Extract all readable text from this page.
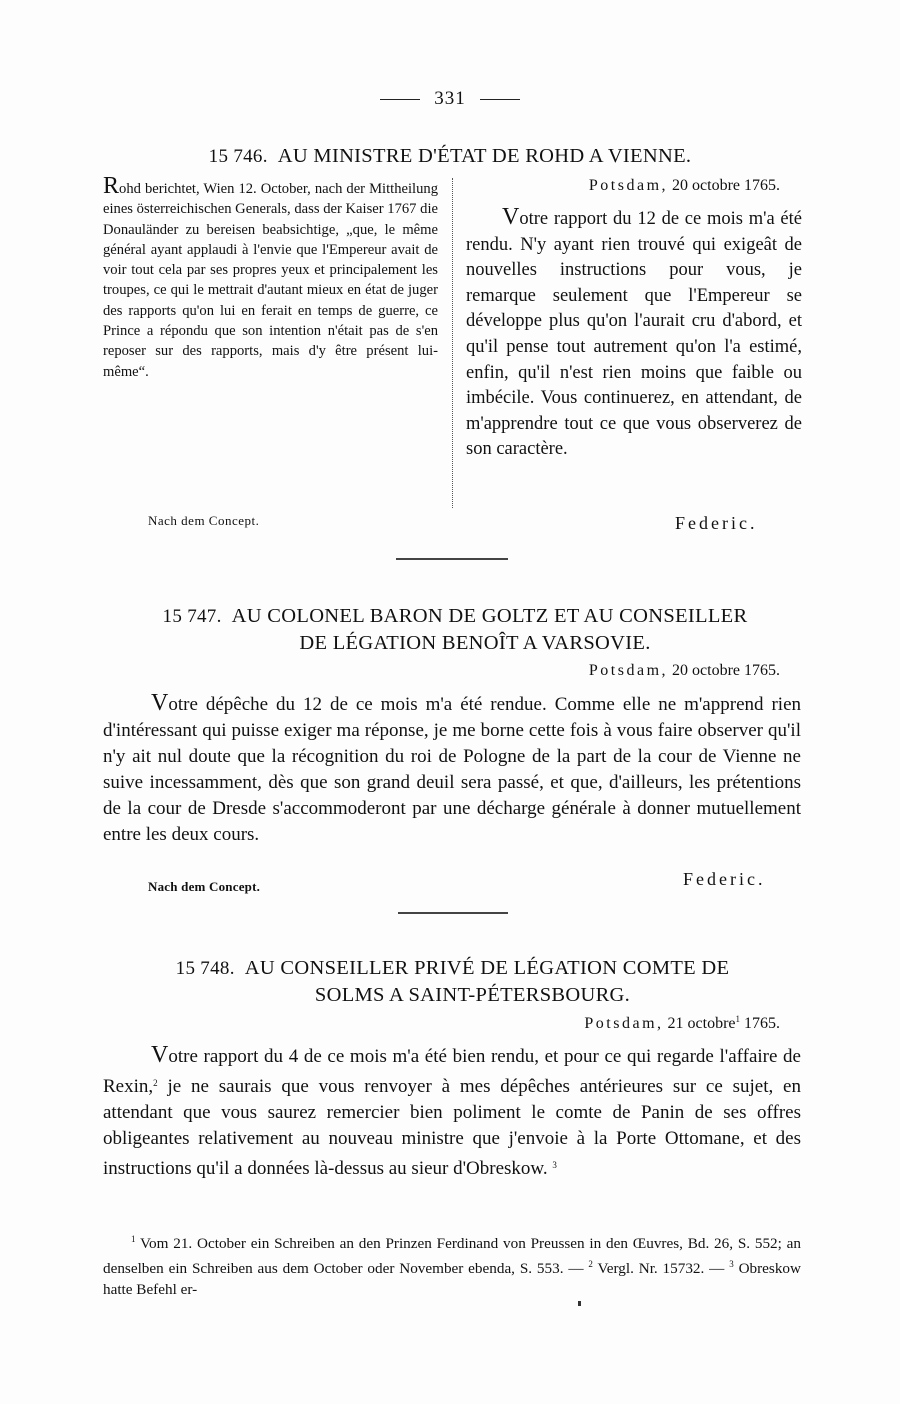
331
15 746. AU MINISTRE D'ÉTAT DE ROHD A VIENNE.

Rohd berichtet, Wien 12. October, nach der Mittheilung eines österreichischen Generals, dass der Kaiser 1767 die Donauländer zu bereisen beabsichtige, „que, le même général ayant applaudi à l'envie que l'Empereur avait de voir tout cela par ses propres yeux et principalement les troupes, ce qui le mettrait d'autant mieux en état de juger des rapports qu'on lui en ferait en temps de guerre, ce Prince a répondu que son intention n'était pas de s'en reposer sur des rapports, mais d'y être présent lui-même“.

Nach dem Concept.
Potsdam, 20 octobre 1765.

Votre rapport du 12 de ce mois m'a été rendu. N'y ayant rien trouvé qui exigeât de nouvelles instructions pour vous, je remarque seulement que l'Empereur se développe plus qu'on l'aurait cru d'abord, et qu'il pense tout autrement qu'on l'a estimé, enfin, qu'il n'est rien moins que faible ou imbécile. Vous continuerez, en attendant, de m'apprendre tout ce que vous observerez de son caractère.

Federic.
15 747. AU COLONEL BARON DE GOLTZ ET AU CONSEILLER
DE LÉGATION BENOÎT A VARSOVIE.
Potsdam, 20 octobre 1765.

Votre dépêche du 12 de ce mois m'a été rendue. Comme elle ne m'apprend rien d'intéressant qui puisse exiger ma réponse, je me borne cette fois à vous faire observer qu'il n'y ait nul doute que la récognition du roi de Pologne de la part de la cour de Vienne ne suive incessamment, dès que son grand deuil sera passé, et que, d'ailleurs, les prétentions de la cour de Dresde s'accommoderont par une décharge générale à donner mutuellement entre les deux cours.

Nach dem Concept.	Federic.
15 748. AU CONSEILLER PRIVÉ DE LÉGATION COMTE DE
SOLMS A SAINT-PÉTERSBOURG.
Potsdam, 21 octobre$^1$ 1765.

Votre rapport du 4 de ce mois m'a été bien rendu, et pour ce qui regarde l'affaire de Rexin,$^2$ je ne saurais que vous renvoyer à mes dépêches antérieures sur ce sujet, en attendant que vous saurez remercier bien poliment le comte de Panin de ses offres obligeantes relativement au nouveau ministre que j'envoie à la Porte Ottomane, et des instructions qu'il a données là-dessus au sieur d'Obreskow. $^3$

$^1$ Vom 21. October ein Schreiben an den Prinzen Ferdinand von Preussen in den Œuvres, Bd. 26, S. 552; an denselben ein Schreiben aus dem October oder November ebenda, S. 553. — $^2$ Vergl. Nr. 15732. — $^3$ Obreskow hatte Befehl er-
